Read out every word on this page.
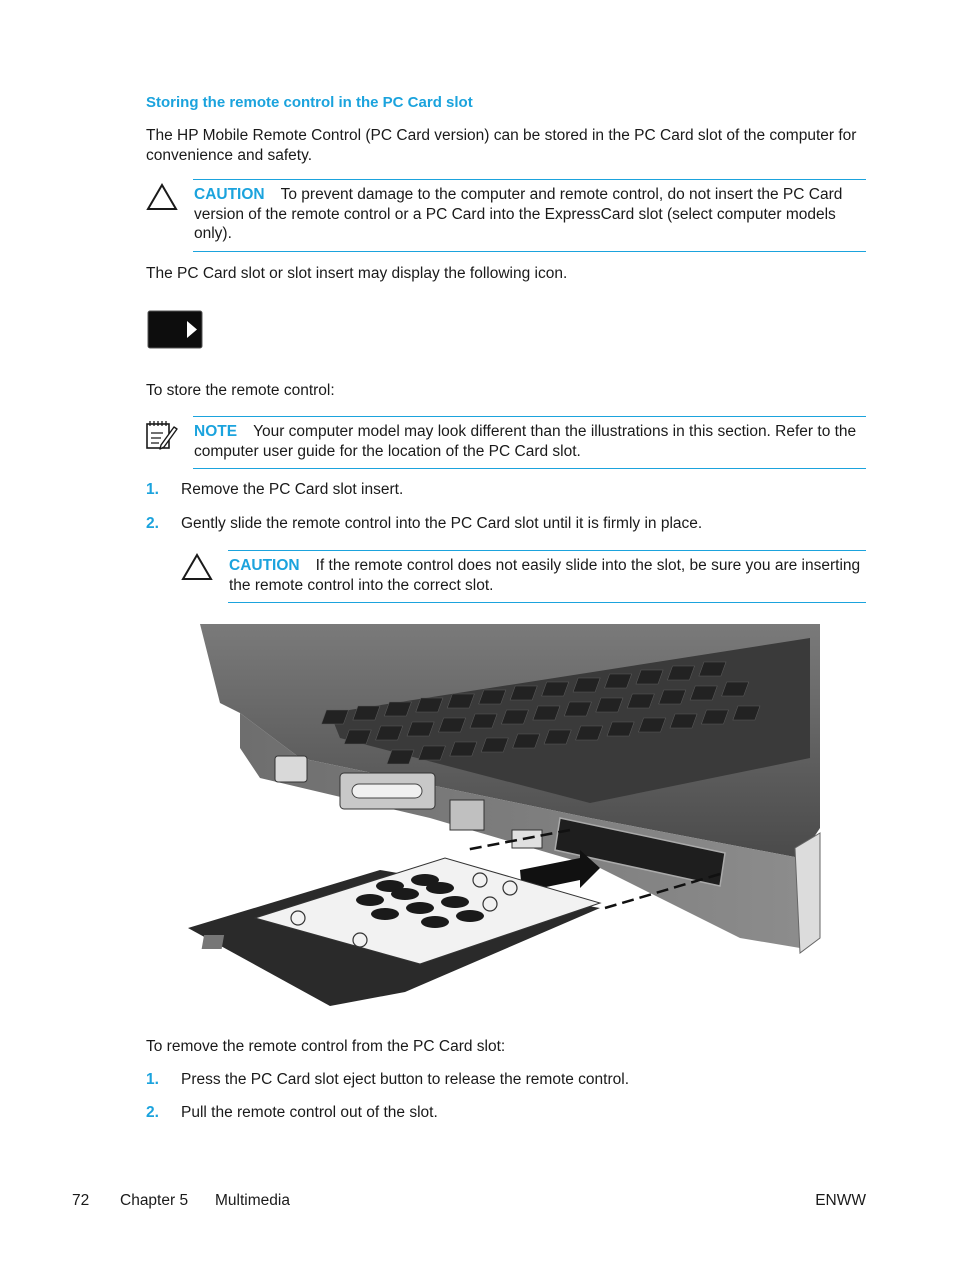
Storing the remote control in the PC Card slot
The HP Mobile Remote Control (PC Card version) can be stored in the PC Card slot of the computer for convenience and safety.
CAUTION To prevent damage to the computer and remote control, do not insert the PC Card version of the remote control or a PC Card into the ExpressCard slot (select computer models only).
The PC Card slot or slot insert may display the following icon.
To store the remote control:
NOTE Your computer model may look different than the illustrations in this section. Refer to the computer user guide for the location of the PC Card slot.
1. Remove the PC Card slot insert.
2. Gently slide the remote control into the PC Card slot until it is firmly in place.
CAUTION If the remote control does not easily slide into the slot, be sure you are inserting the remote control into the correct slot.
To remove the remote control from the PC Card slot:
1. Press the PC Card slot eject button to release the remote control.
2. Pull the remote control out of the slot.
72 Chapter 5 Multimedia	ENWW
